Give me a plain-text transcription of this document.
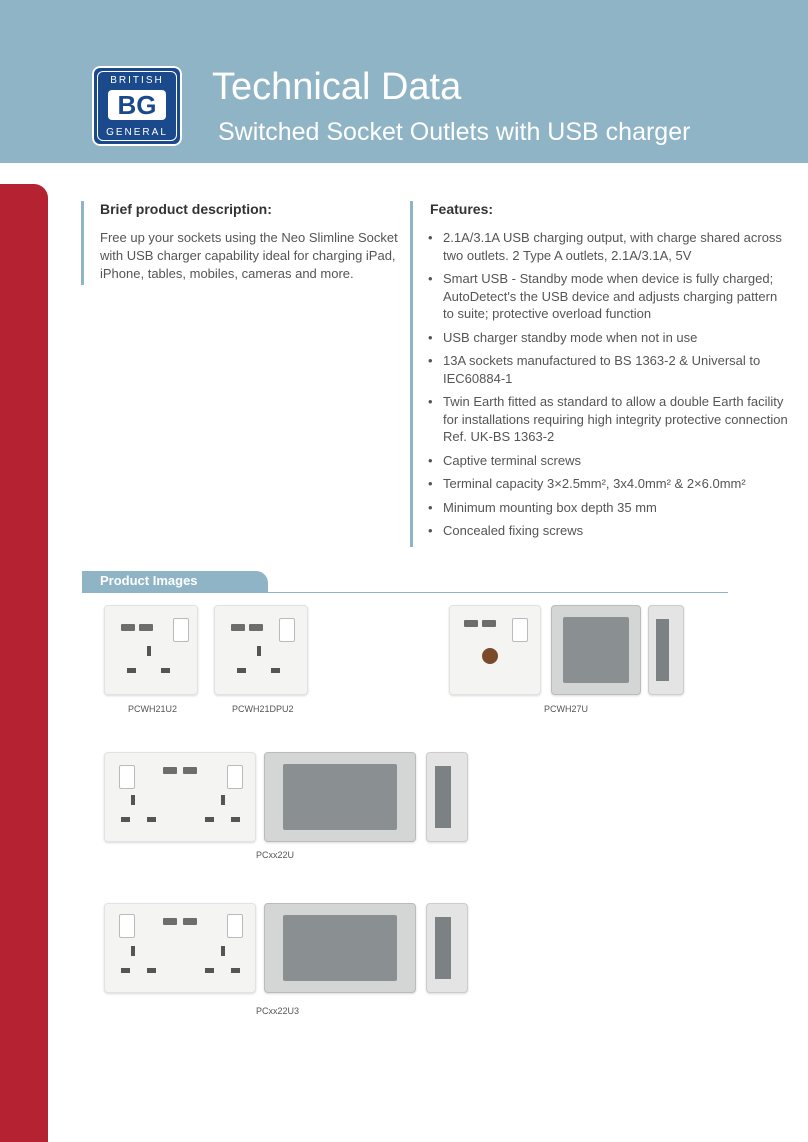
BRITISH
BG
GENERAL
Technical Data
Switched Socket Outlets with USB charger
Brief product description:

Free up your sockets using the Neo Slimline Socket with USB charger capability ideal for charging iPad, iPhone, tables, mobiles, cameras and more.

Features:
• 2.1A/3.1A USB charging output, with charge shared across two outlets. 2 Type A outlets, 2.1A/3.1A, 5V
• Smart USB - Standby mode when device is fully charged; AutoDetect's the USB device and adjusts charging pattern to suite; protective overload function
• USB charger standby mode when not in use
• 13A sockets manufactured to BS 1363-2 & Universal to IEC60884-1
• Twin Earth fitted as standard to allow a double Earth facility for installations requiring high integrity protective connection Ref. UK-BS 1363-2
• Captive terminal screws
• Terminal capacity 3×2.5mm², 3x4.0mm² & 2×6.0mm²
• Minimum mounting box depth 35 mm
• Concealed fixing screws
Product Images
PCWH21U2	PCWH21DPU2	PCWH27U
PCxx22U
PCxx22U3
